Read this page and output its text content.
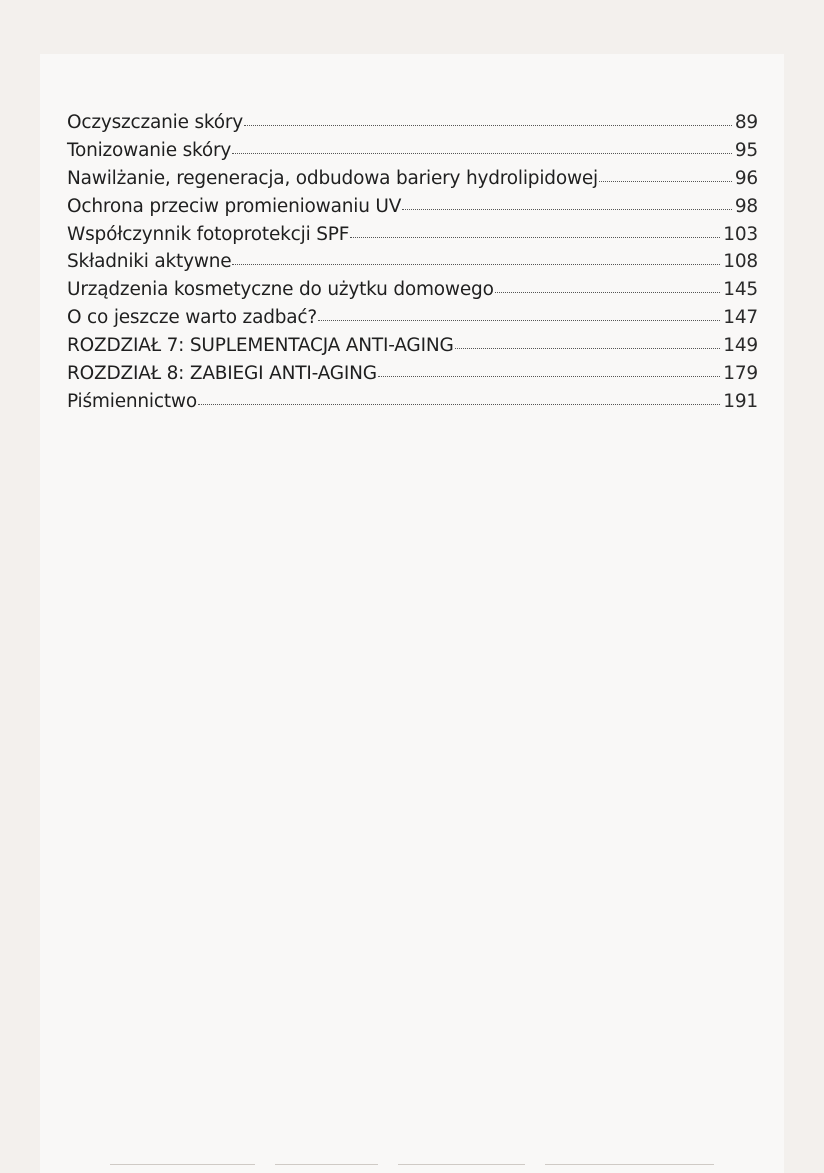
Oczyszczanie skóry	89
Tonizowanie skóry	95
Nawilżanie, regeneracja, odbudowa bariery hydrolipidowej	96
Ochrona przeciw promieniowaniu UV	98
Współczynnik fotoprotekcji SPF	103
Składniki aktywne	108
Urządzenia kosmetyczne do użytku domowego	145
O co jeszcze warto zadbać?	147
ROZDZIAŁ 7: SUPLEMENTACJA ANTI-AGING	149
ROZDZIAŁ 8: ZABIEGI ANTI-AGING	179
Piśmiennictwo	191
